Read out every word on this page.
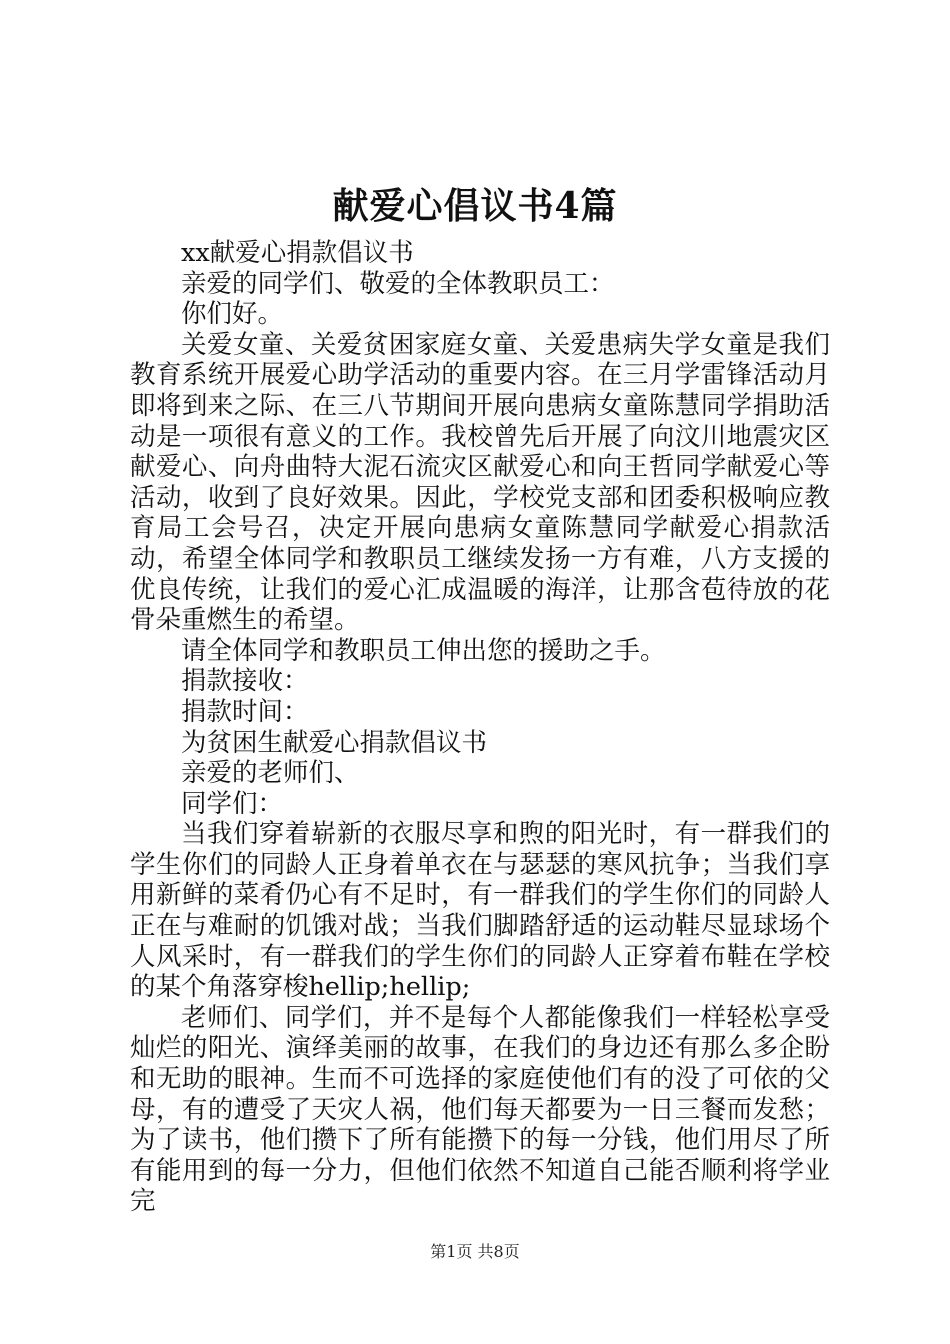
献爱心倡议书4篇

xx献爱心捐款倡议书

亲爱的同学们、敬爱的全体教职员工：

你们好。

关爱女童、关爱贫困家庭女童、关爱患病失学女童是我们教育系统开展爱心助学活动的重要内容。在三月学雷锋活动月即将到来之际、在三八节期间开展向患病女童陈慧同学捐助活动是一项很有意义的工作。我校曾先后开展了向汶川地震灾区献爱心、向舟曲特大泥石流灾区献爱心和向王哲同学献爱心等活动，收到了良好效果。因此，学校党支部和团委积极响应教育局工会号召，决定开展向患病女童陈慧同学献爱心捐款活动，希望全体同学和教职员工继续发扬一方有难，八方支援的优良传统，让我们的爱心汇成温暖的海洋，让那含苞待放的花骨朵重燃生的希望。

请全体同学和教职员工伸出您的援助之手。

捐款接收：

捐款时间：

为贫困生献爱心捐款倡议书

亲爱的老师们、

同学们：

当我们穿着崭新的衣服尽享和煦的阳光时，有一群我们的学生你们的同龄人正身着单衣在与瑟瑟的寒风抗争；当我们享用新鲜的菜肴仍心有不足时，有一群我们的学生你们的同龄人正在与难耐的饥饿对战；当我们脚踏舒适的运动鞋尽显球场个人风采时，有一群我们的学生你们的同龄人正穿着布鞋在学校的某个角落穿梭hellip;hellip;

老师们、同学们，并不是每个人都能像我们一样轻松享受灿烂的阳光、演绎美丽的故事，在我们的身边还有那么多企盼和无助的眼神。生而不可选择的家庭使他们有的没了可依的父母，有的遭受了天灾人祸，他们每天都要为一日三餐而发愁；为了读书，他们攒下了所有能攒下的每一分钱，他们用尽了所有能用到的每一分力，但他们依然不知道自己能否顺利将学业完

第1页 共8页
